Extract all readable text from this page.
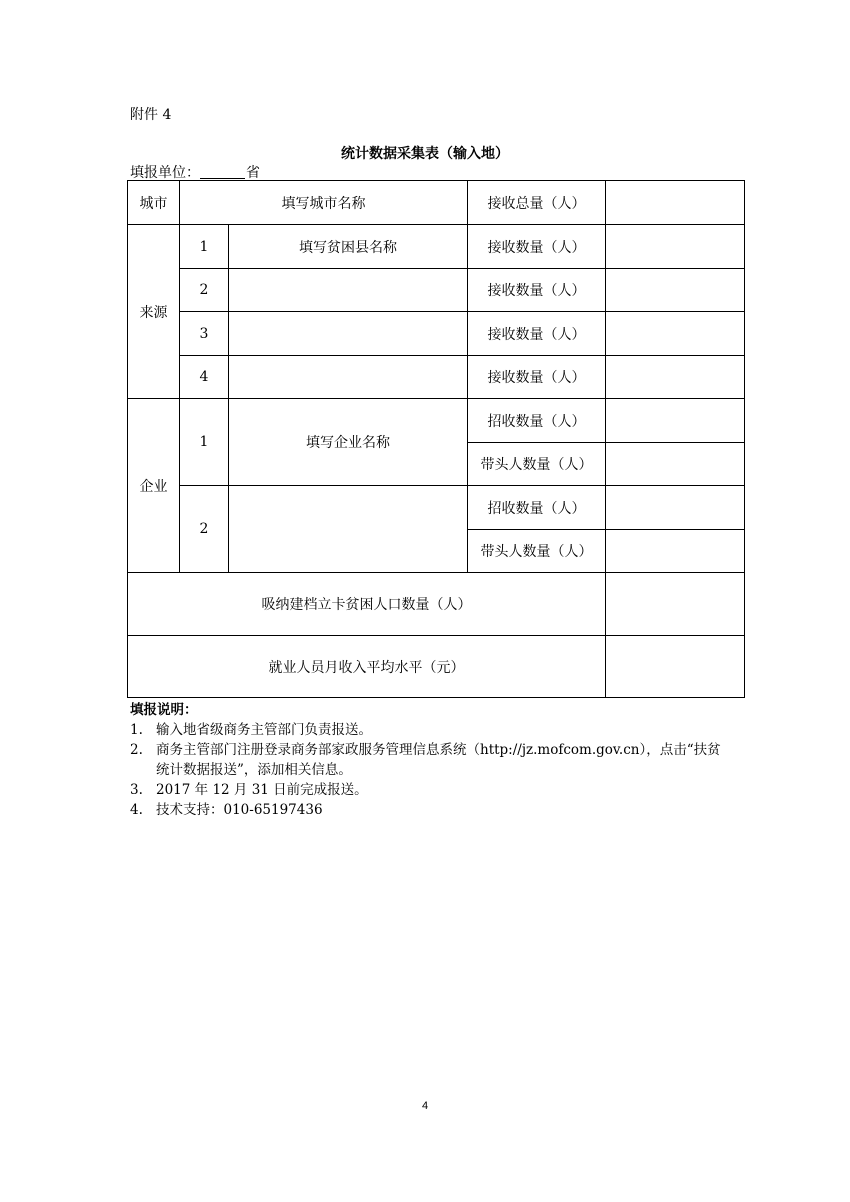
附件 4
统计数据采集表（输入地）
填报单位：	省
城市	填写城市名称		接收总量（人）	
来源	1	填写贫困县名称	接收数量（人）	
	2		接收数量（人）	
	3		接收数量（人）	
	4		接收数量（人）	
企业	1	填写企业名称	招收数量（人）	
			带头人数量（人）	
	2		招收数量（人）	
			带头人数量（人）	
吸纳建档立卡贫困人口数量（人）				
就业人员月收入平均水平（元）				
填报说明：
1. 输入地省级商务主管部门负责报送。
2. 商务主管部门注册登录商务部家政服务管理信息系统（http://jz.mofcom.gov.cn），点击“扶贫统计数据报送”，添加相关信息。
3. 2017 年 12 月 31 日前完成报送。
4. 技术支持：010-65197436
4
